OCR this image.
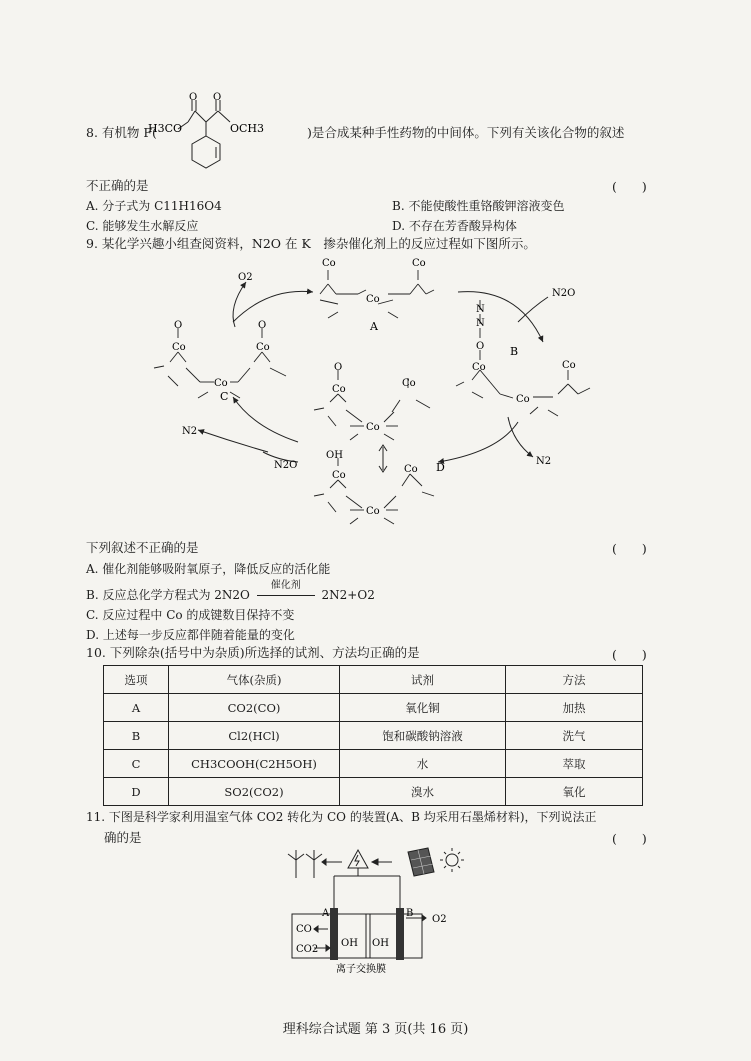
8. 有机物 F(	)是合成某种手性药物的中间体。下列有关该化合物的叙述
H3CO
O O
OCH3
不正确的是	(　　)
A. 分子式为 C11H16O4	B. 不能使酸性重铬酸钾溶液变色
C. 能够发生水解反应	D. 不存在芳香酸异构体
9. 某化学兴趣小组查阅资料，N2O 在 K　掺杂催化剂上的反应过程如下图所示。
Co	Co
Co
A
N
N
O
Co	Co
Co
B
O
Co
O
Co
Co
C
O
Co
Co
Co
OH
Co
Co
Co
D
O2
N2O
N2
N2
N2O
下列叙述不正确的是	(　　)
A. 催化剂能够吸附氧原子，降低反应的活化能
B. 反应总化学方程式为 2N2O
催化剂
2N2+O2
C. 反应过程中 Co 的成键数目保持不变
D. 上述每一步反应都伴随着能量的变化
10. 下列除杂(括号中为杂质)所选择的试剂、方法均正确的是	(　　)
选项	气体(杂质)	试剂	方法
A	CO2(CO)	氧化铜	加热
B	Cl2(HCl)	饱和碳酸钠溶液	洗气
C	CH3COOH(C2H5OH)	水	萃取
D	SO2(CO2)	溴水	氧化
11. 下图是科学家利用温室气体 CO2 转化为 CO 的装置(A、B 均采用石墨烯材料)，下列说法正
确的是	(　　)
A	B
CO
CO2
OH OH
O2
离子交换膜
理科综合试题 第 3 页(共 16 页)
